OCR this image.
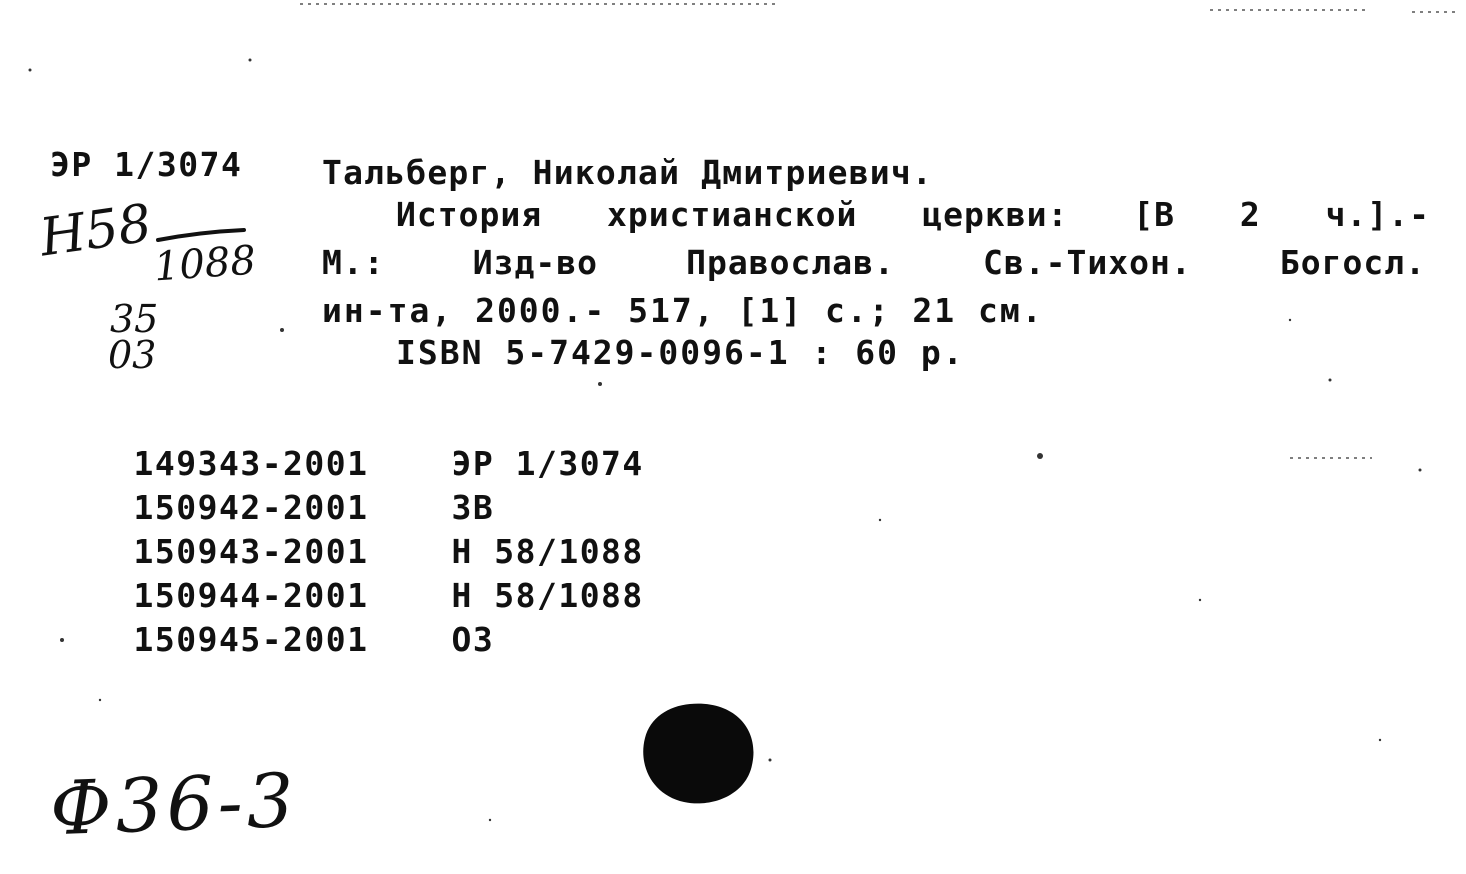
ЭР 1/3074 Тальберг, Николай Дмитриевич.
Н58
1088
35
03
История христианской церкви: [В 2 ч.].-
М.:	Изд-во	Православ.	Св.-Тихон.	Богосл.
ин-та, 2000.- 517, [1] с.; 21 см.
ISBN 5-7429-0096-1 : 60 р.

149343-2001	ЭР 1/3074

150942-2001	ЗВ

150943-2001	Н 58/1088

150944-2001	Н 58/1088

150945-2001	ОЗ

Ф36-3
